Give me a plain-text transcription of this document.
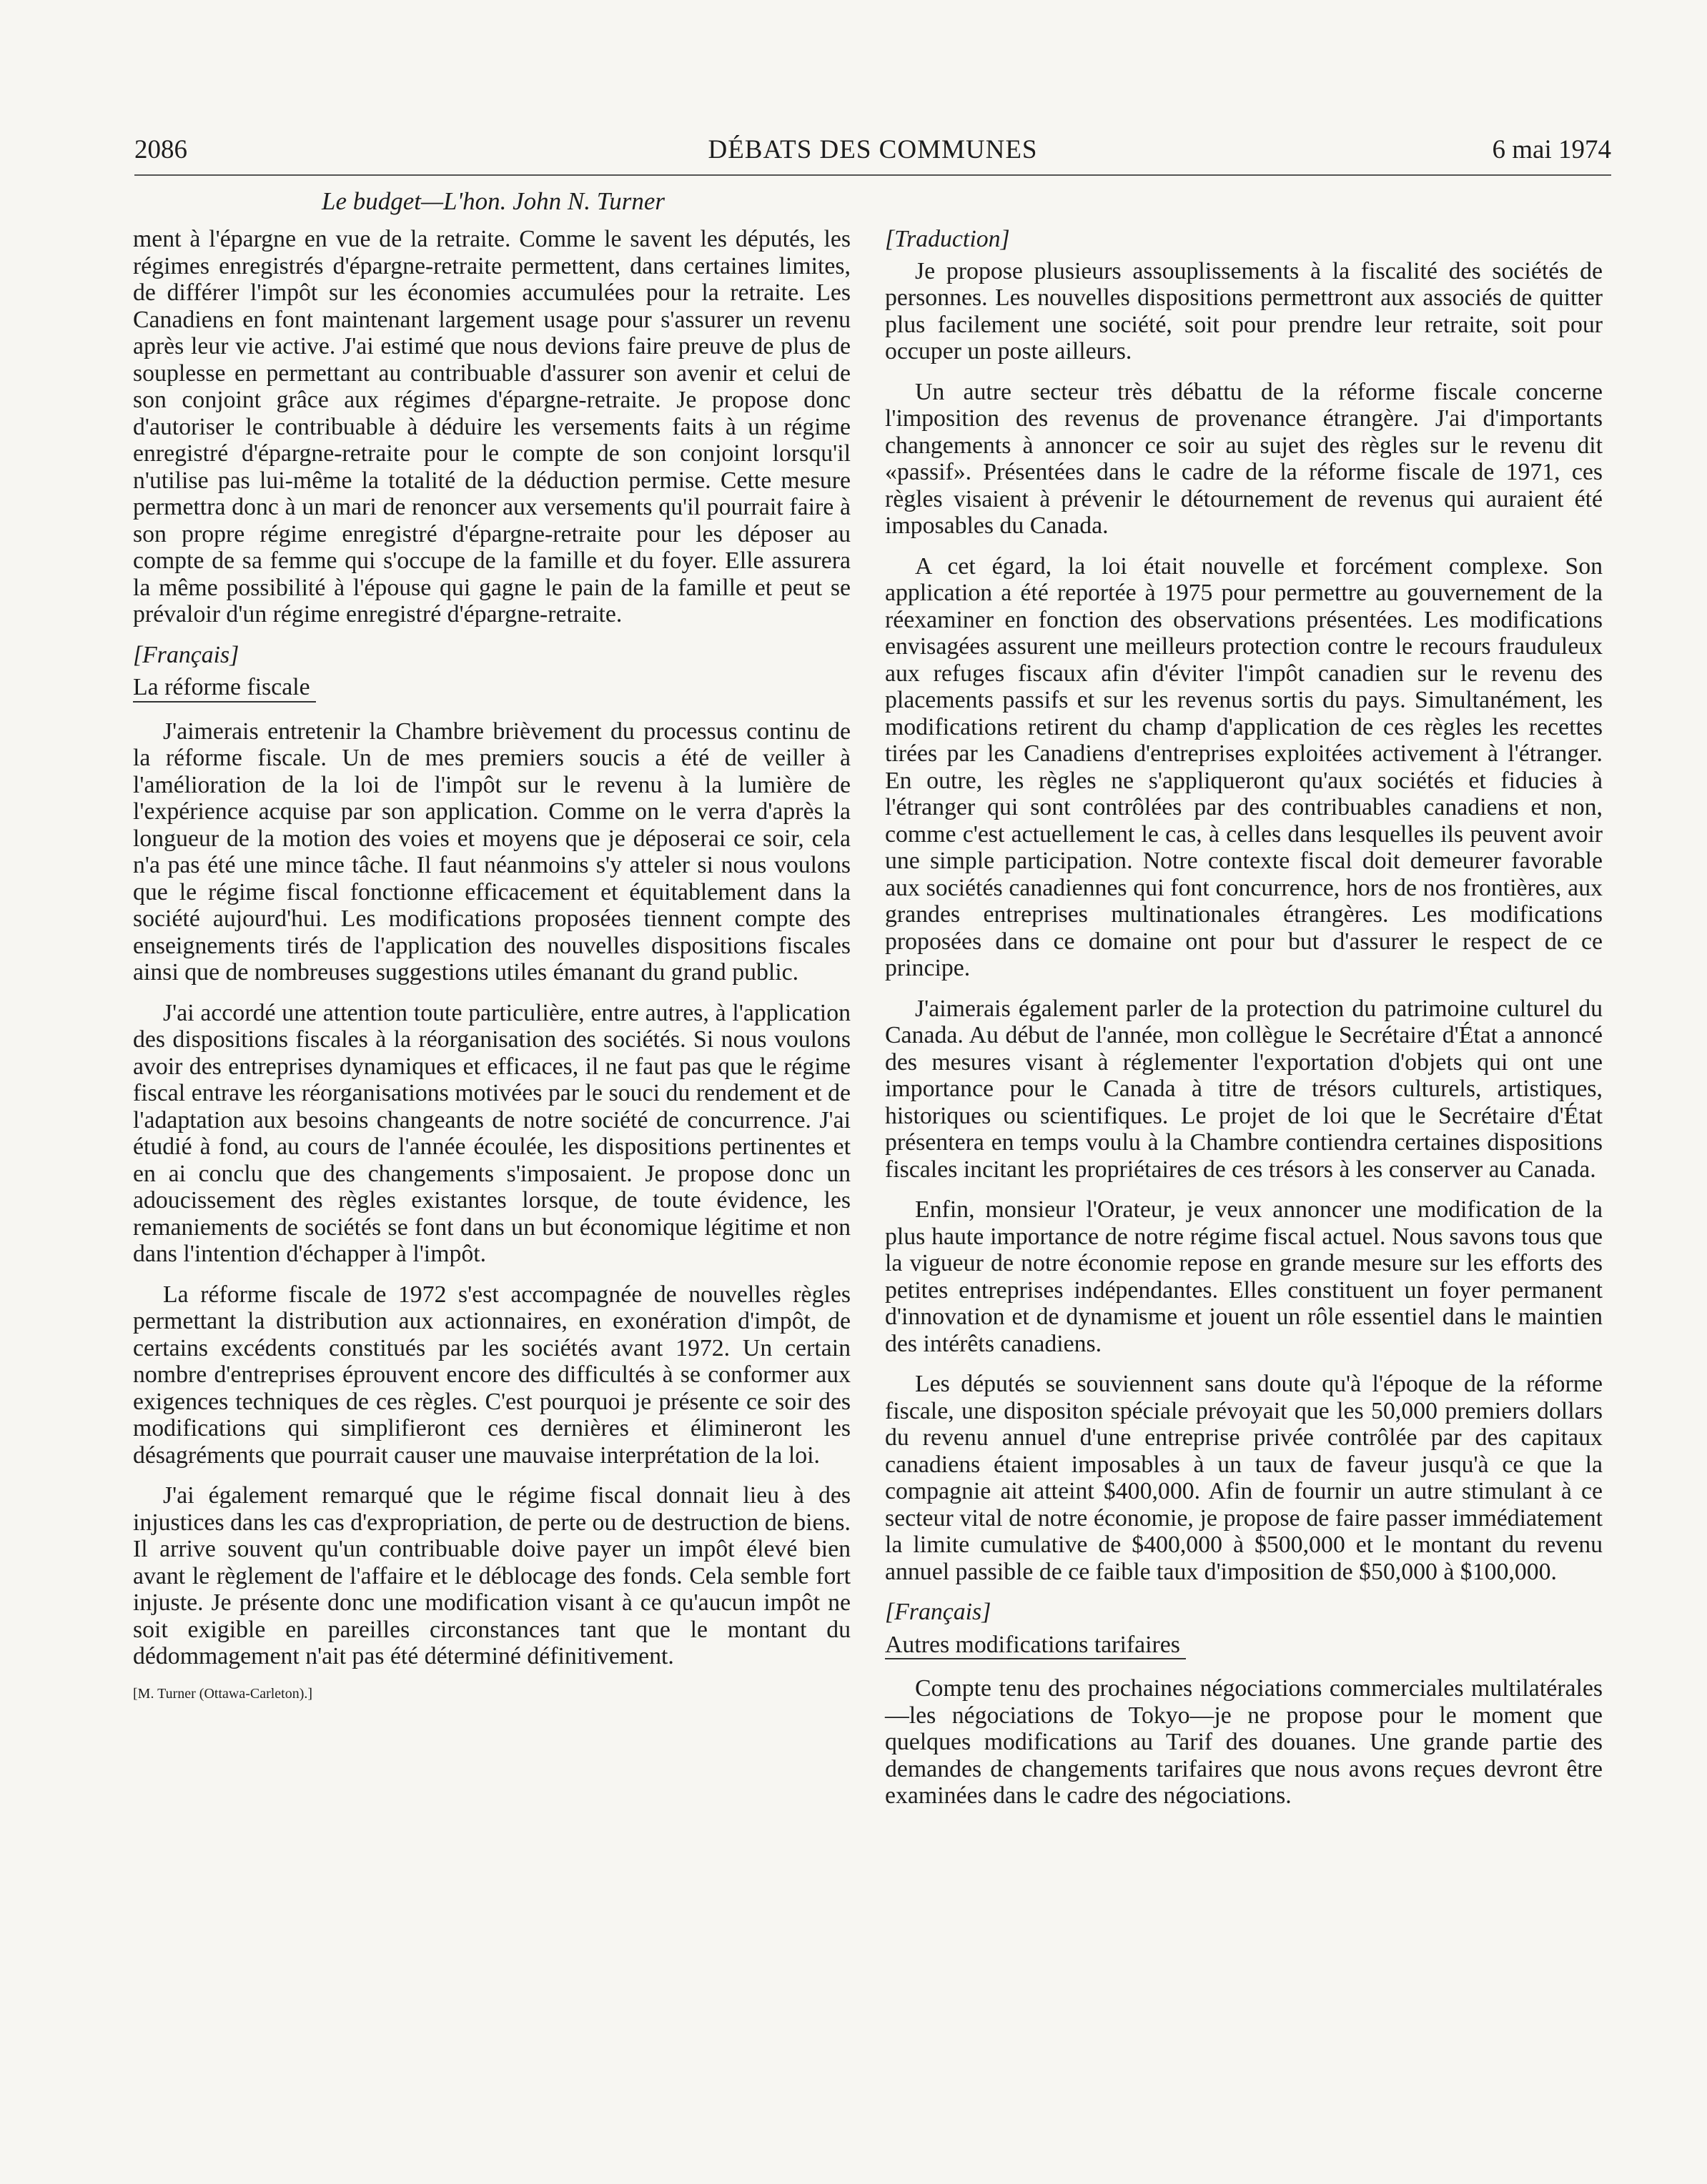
2086	DÉBATS DES COMMUNES	6 mai 1974
Le budget—L'hon. John N. Turner

ment à l'épargne en vue de la retraite. Comme le savent les députés, les régimes enregistrés d'épargne-retraite permettent, dans certaines limites, de différer l'impôt sur les économies accumulées pour la retraite. Les Canadiens en font maintenant largement usage pour s'assurer un revenu après leur vie active. J'ai estimé que nous devions faire preuve de plus de souplesse en permettant au contribuable d'assurer son avenir et celui de son conjoint grâce aux régimes d'épargne-retraite. Je propose donc d'autoriser le contribuable à déduire les versements faits à un régime enregistré d'épargne-retraite pour le compte de son conjoint lorsqu'il n'utilise pas lui-même la totalité de la déduction permise. Cette mesure permettra donc à un mari de renoncer aux versements qu'il pourrait faire à son propre régime enregistré d'épargne-retraite pour les déposer au compte de sa femme qui s'occupe de la famille et du foyer. Elle assurera la même possibilité à l'épouse qui gagne le pain de la famille et peut se prévaloir d'un régime enregistré d'épargne-retraite.

[Français]
La réforme fiscale

J'aimerais entretenir la Chambre brièvement du processus continu de la réforme fiscale. Un de mes premiers soucis a été de veiller à l'amélioration de la loi de l'impôt sur le revenu à la lumière de l'expérience acquise par son application. Comme on le verra d'après la longueur de la motion des voies et moyens que je déposerai ce soir, cela n'a pas été une mince tâche. Il faut néanmoins s'y atteler si nous voulons que le régime fiscal fonctionne efficacement et équitablement dans la société aujourd'hui. Les modifications proposées tiennent compte des enseignements tirés de l'application des nouvelles dispositions fiscales ainsi que de nombreuses suggestions utiles émanant du grand public.

J'ai accordé une attention toute particulière, entre autres, à l'application des dispositions fiscales à la réorganisation des sociétés. Si nous voulons avoir des entreprises dynamiques et efficaces, il ne faut pas que le régime fiscal entrave les réorganisations motivées par le souci du rendement et de l'adaptation aux besoins changeants de notre société de concurrence. J'ai étudié à fond, au cours de l'année écoulée, les dispositions pertinentes et en ai conclu que des changements s'imposaient. Je propose donc un adoucissement des règles existantes lorsque, de toute évidence, les remaniements de sociétés se font dans un but économique légitime et non dans l'intention d'échapper à l'impôt.

La réforme fiscale de 1972 s'est accompagnée de nouvelles règles permettant la distribution aux actionnaires, en exonération d'impôt, de certains excédents constitués par les sociétés avant 1972. Un certain nombre d'entreprises éprouvent encore des difficultés à se conformer aux exigences techniques de ces règles. C'est pourquoi je présente ce soir des modifications qui simplifieront ces dernières et élimineront les désagréments que pourrait causer une mauvaise interprétation de la loi.

J'ai également remarqué que le régime fiscal donnait lieu à des injustices dans les cas d'expropriation, de perte ou de destruction de biens. Il arrive souvent qu'un contribuable doive payer un impôt élevé bien avant le règlement de l'affaire et le déblocage des fonds. Cela semble fort injuste. Je présente donc une modification visant à ce qu'aucun impôt ne soit exigible en pareilles circonstances tant que le montant du dédommagement n'ait pas été déterminé définitivement.

[M. Turner (Ottawa-Carleton).]
[Traduction]

Je propose plusieurs assouplissements à la fiscalité des sociétés de personnes. Les nouvelles dispositions permettront aux associés de quitter plus facilement une société, soit pour prendre leur retraite, soit pour occuper un poste ailleurs.

Un autre secteur très débattu de la réforme fiscale concerne l'imposition des revenus de provenance étrangère. J'ai d'importants changements à annoncer ce soir au sujet des règles sur le revenu dit «passif». Présentées dans le cadre de la réforme fiscale de 1971, ces règles visaient à prévenir le détournement de revenus qui auraient été imposables du Canada.

A cet égard, la loi était nouvelle et forcément complexe. Son application a été reportée à 1975 pour permettre au gouvernement de la réexaminer en fonction des observations présentées. Les modifications envisagées assurent une meilleurs protection contre le recours frauduleux aux refuges fiscaux afin d'éviter l'impôt canadien sur le revenu des placements passifs et sur les revenus sortis du pays. Simultanément, les modifications retirent du champ d'application de ces règles les recettes tirées par les Canadiens d'entreprises exploitées activement à l'étranger. En outre, les règles ne s'appliqueront qu'aux sociétés et fiducies à l'étranger qui sont contrôlées par des contribuables canadiens et non, comme c'est actuellement le cas, à celles dans lesquelles ils peuvent avoir une simple participation. Notre contexte fiscal doit demeurer favorable aux sociétés canadiennes qui font concurrence, hors de nos frontières, aux grandes entreprises multinationales étrangères. Les modifications proposées dans ce domaine ont pour but d'assurer le respect de ce principe.

J'aimerais également parler de la protection du patrimoine culturel du Canada. Au début de l'année, mon collègue le Secrétaire d'État a annoncé des mesures visant à réglementer l'exportation d'objets qui ont une importance pour le Canada à titre de trésors culturels, artistiques, historiques ou scientifiques. Le projet de loi que le Secrétaire d'État présentera en temps voulu à la Chambre contiendra certaines dispositions fiscales incitant les propriétaires de ces trésors à les conserver au Canada.

Enfin, monsieur l'Orateur, je veux annoncer une modification de la plus haute importance de notre régime fiscal actuel. Nous savons tous que la vigueur de notre économie repose en grande mesure sur les efforts des petites entreprises indépendantes. Elles constituent un foyer permanent d'innovation et de dynamisme et jouent un rôle essentiel dans le maintien des intérêts canadiens.

Les députés se souviennent sans doute qu'à l'époque de la réforme fiscale, une dispositon spéciale prévoyait que les 50,000 premiers dollars du revenu annuel d'une entreprise privée contrôlée par des capitaux canadiens étaient imposables à un taux de faveur jusqu'à ce que la compagnie ait atteint $400,000. Afin de fournir un autre stimulant à ce secteur vital de notre économie, je propose de faire passer immédiatement la limite cumulative de $400,000 à $500,000 et le montant du revenu annuel passible de ce faible taux d'imposition de $50,000 à $100,000.

[Français]
Autres modifications tarifaires

Compte tenu des prochaines négociations commerciales multilatérales—les négociations de Tokyo—je ne propose pour le moment que quelques modifications au Tarif des douanes. Une grande partie des demandes de changements tarifaires que nous avons reçues devront être examinées dans le cadre des négociations.
